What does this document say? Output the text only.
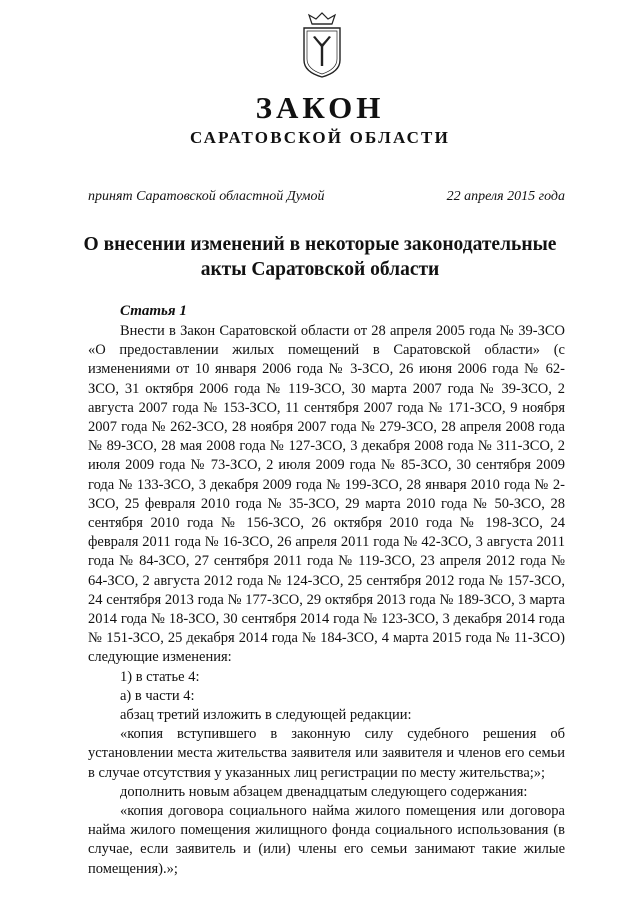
ЗАКОН
САРАТОВСКОЙ ОБЛАСТИ
принят Саратовской областной Думой	22 апреля 2015 года
О внесении изменений в некоторые законодательные акты Саратовской области
Статья 1

Внести в Закон Саратовской области от 28 апреля 2005 года № 39-ЗСО «О предоставлении жилых помещений в Саратовской области» (с изменениями от 10 января 2006 года № 3-ЗСО, 26 июня 2006 года № 62-ЗСО, 31 октября 2006 года № 119-ЗСО, 30 марта 2007 года № 39-ЗСО, 2 августа 2007 года № 153-ЗСО, 11 сентября 2007 года № 171-ЗСО, 9 ноября 2007 года № 262-ЗСО, 28 ноября 2007 года № 279-ЗСО, 28 апреля 2008 года № 89-ЗСО, 28 мая 2008 года № 127-ЗСО, 3 декабря 2008 года № 311-ЗСО, 2 июля 2009 года № 73-ЗСО, 2 июля 2009 года № 85-ЗСО, 30 сентября 2009 года № 133-ЗСО, 3 декабря 2009 года № 199-ЗСО, 28 января 2010 года № 2-ЗСО, 25 февраля 2010 года № 35-ЗСО, 29 марта 2010 года № 50-ЗСО, 28 сентября 2010 года № 156-ЗСО, 26 октября 2010 года № 198-ЗСО, 24 февраля 2011 года № 16-ЗСО, 26 апреля 2011 года № 42-ЗСО, 3 августа 2011 года № 84-ЗСО, 27 сентября 2011 года № 119-ЗСО, 23 апреля 2012 года № 64-ЗСО, 2 августа 2012 года № 124-ЗСО, 25 сентября 2012 года № 157-ЗСО, 24 сентября 2013 года № 177-ЗСО, 29 октября 2013 года № 189-ЗСО, 3 марта 2014 года № 18-ЗСО, 30 сентября 2014 года № 123-ЗСО, 3 декабря 2014 года № 151-ЗСО, 25 декабря 2014 года № 184-ЗСО, 4 марта 2015 года № 11-ЗСО) следующие изменения:

1) в статье 4:

а) в части 4:

абзац третий изложить в следующей редакции:

«копия вступившего в законную силу судебного решения об установлении места жительства заявителя или заявителя и членов его семьи в случае отсутствия у указанных лиц регистрации по месту жительства;»;

дополнить новым абзацем двенадцатым следующего содержания:

«копия договора социального найма жилого помещения или договора найма жилого помещения жилищного фонда социального использования (в случае, если заявитель и (или) члены его семьи занимают такие жилые помещения).»;
